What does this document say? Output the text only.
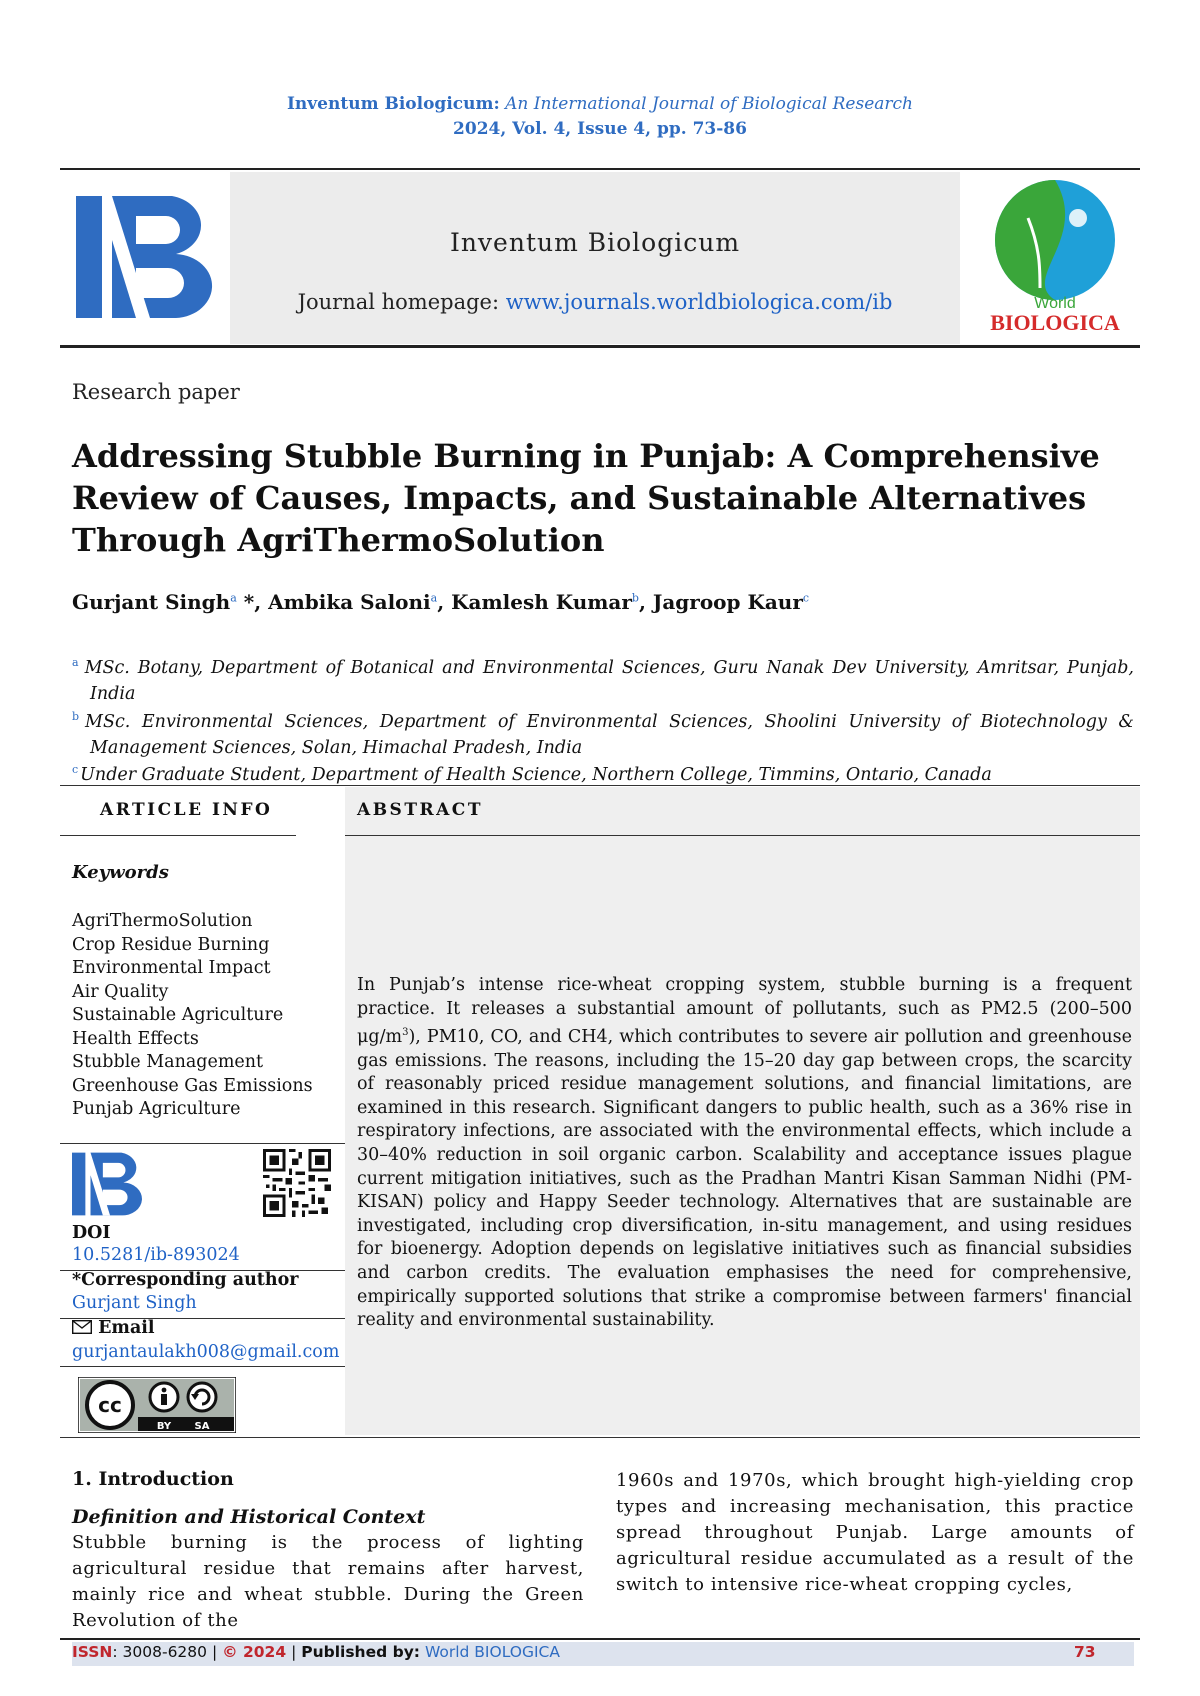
Inventum Biologicum: An International Journal of Biological Research
2024, Vol. 4, Issue 4, pp. 73-86
Inventum Biologicum
Journal homepage: www.journals.worldbiologica.com/ib	World
BIOLOGICA
Research paper
Addressing Stubble Burning in Punjab: A Comprehensive Review of Causes, Impacts, and Sustainable Alternatives Through AgriThermoSolution
Gurjant Singh$^a$ *, Ambika Saloni$^a$, Kamlesh Kumar$^b$, Jagroop Kaur$^c$
$^a$ MSc. Botany, Department of Botanical and Environmental Sciences, Guru Nanak Dev University, Amritsar, Punjab, India
$^b$ MSc. Environmental Sciences, Department of Environmental Sciences, Shoolini University of Biotechnology & Management Sciences, Solan, Himachal Pradesh, India
$^c$ Under Graduate Student, Department of Health Science, Northern College, Timmins, Ontario, Canada
ARTICLE INFO	ABSTRACT
Keywords
AgriThermoSolution
Crop Residue Burning
Environmental Impact
Air Quality
Sustainable Agriculture
Health Effects
Stubble Management
Greenhouse Gas Emissions
Punjab Agriculture
DOI
10.5281/ib-893024
*Corresponding author
Gurjant Singh
Email
gurjantaulakh008@gmail.com
cc
BY SA
In Punjab’s intense rice-wheat cropping system, stubble burning is a frequent practice. It releases a substantial amount of pollutants, such as PM2.5 (200–500 $\mu g/m^3$), PM10, CO, and CH4, which contributes to severe air pollution and greenhouse gas emissions. The reasons, including the 15–20 day gap between crops, the scarcity of reasonably priced residue management solutions, and financial limitations, are examined in this research. Significant dangers to public health, such as a 36% rise in respiratory infections, are associated with the environmental effects, which include a 30–40% reduction in soil organic carbon. Scalability and acceptance issues plague current mitigation initiatives, such as the Pradhan Mantri Kisan Samman Nidhi (PM-KISAN) policy and Happy Seeder technology. Alternatives that are sustainable are investigated, including crop diversification, in-situ management, and using residues for bioenergy. Adoption depends on legislative initiatives such as financial subsidies and carbon credits. The evaluation emphasises the need for comprehensive, empirically supported solutions that strike a compromise between farmers' financial reality and environmental sustainability.
1. Introduction
Definition and Historical Context
Stubble burning is the process of lighting agricultural residue that remains after harvest, mainly rice and wheat stubble. During the Green Revolution of the
1960s and 1970s, which brought high-yielding crop types and increasing mechanisation, this practice spread throughout Punjab. Large amounts of agricultural residue accumulated as a result of the switch to intensive rice-wheat cropping cycles,
ISSN: 3008-6280 | © 2024 | Published by: World BIOLOGICA	73
